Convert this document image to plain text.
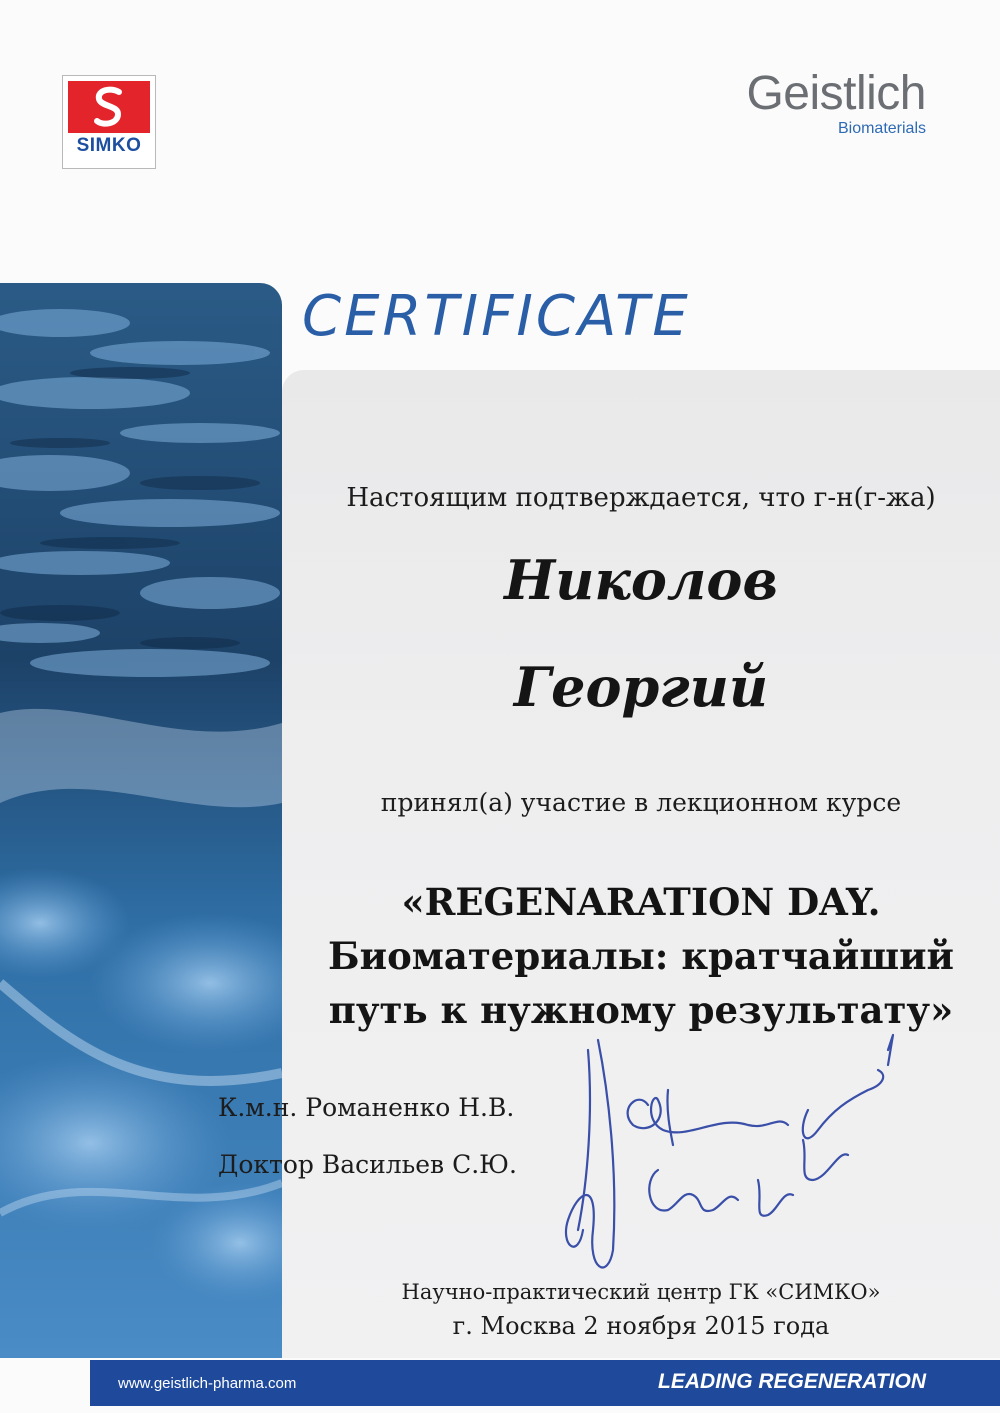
SIMKO
Geistlich
Biomaterials
CERTIFICATE
Настоящим подтверждается, что г-н(г-жа)
Николов
Георгий
принял(а) участие в лекционном курсе
«REGENARATION DAY.
Биоматериалы: кратчайший
путь к нужному результату»
К.м.н. Романенко Н.В.
Доктор Васильев С.Ю.
Научно-практический центр ГК «СИМКО»
г. Москва 2 ноября 2015 года
www.geistlich-pharma.com	LEADING REGENERATION
